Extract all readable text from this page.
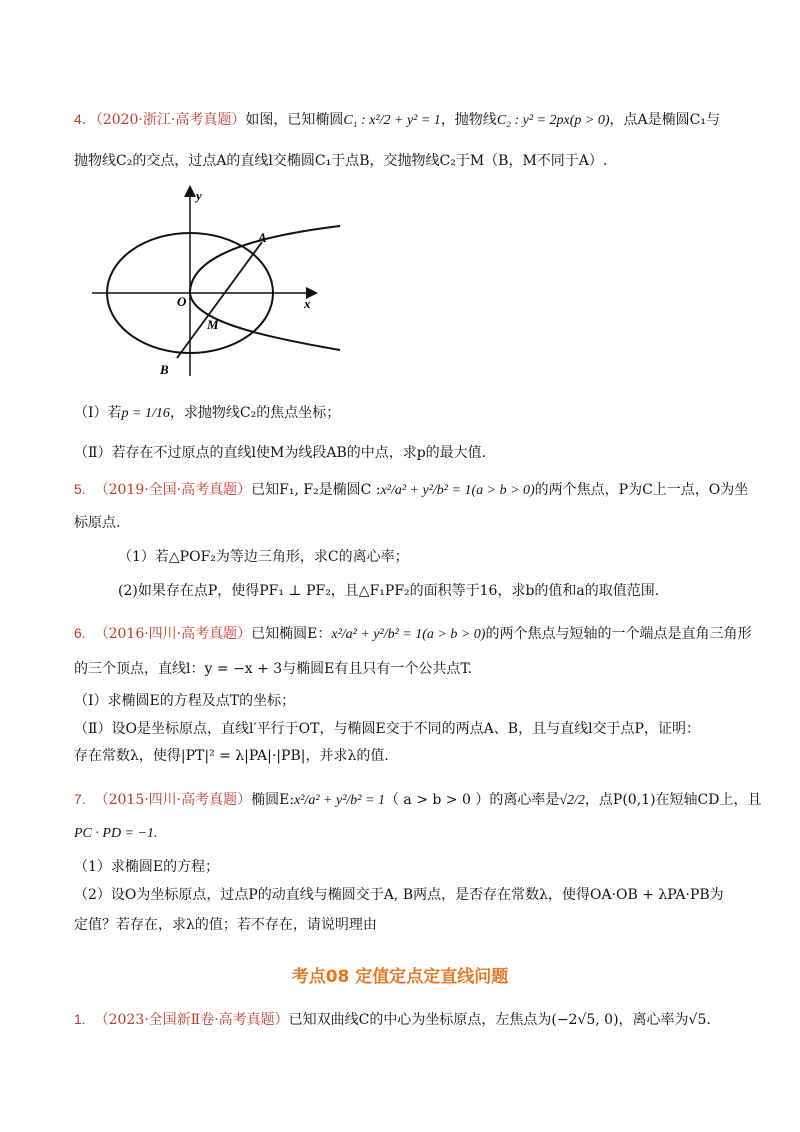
4．（2020·浙江·高考真题）如图，已知椭圆C₁ : x²/2 + y² = 1，抛物线C₂ : y² = 2px(p > 0)，点A是椭圆C₁与
抛物线C₂的交点，过点A的直线l交椭圆C₁于点B，交抛物线C₂于M（B，M不同于A）.
y
x
O
A
B
M
（Ⅰ）若p = 1/16，求抛物线C₂的焦点坐标；
（Ⅱ）若存在不过原点的直线l使M为线段AB的中点，求p的最大值.
5. （2019·全国·高考真题）已知F₁, F₂是椭圆C :x²/a² + y²/b² = 1(a > b > 0)的两个焦点，P为C上一点，O为坐
标原点.
（1）若△POF₂为等边三角形，求C的离心率；
(2)如果存在点P，使得PF₁ ⊥ PF₂，且△F₁PF₂的面积等于16，求b的值和a的取值范围.
6. （2016·四川·高考真题）已知椭圆E：x²/a² + y²/b² = 1(a > b > 0)的两个焦点与短轴的一个端点是直角三角形
的三个顶点，直线l：y = −x + 3与椭圆E有且只有一个公共点T.
（Ⅰ）求椭圆E的方程及点T的坐标；
（Ⅱ）设O是坐标原点，直线l′平行于OT，与椭圆E交于不同的两点A、B，且与直线l交于点P，证明：
存在常数λ，使得|PT|² = λ|PA|·|PB|，并求λ的值.
7. （2015·四川·高考真题）椭圆E:x²/a² + y²/b² = 1（ a > b > 0 ）的离心率是√2/2，点P(0,1)在短轴CD上，且
PC · PD = −1.
（1）求椭圆E的方程；
（2）设O为坐标原点，过点P的动直线与椭圆交于A, B两点，是否存在常数λ，使得OA·OB + λPA·PB为
定值？若存在，求λ的值；若不存在，请说明理由
考点08 定值定点定直线问题
1. （2023·全国新Ⅱ卷·高考真题）已知双曲线C的中心为坐标原点，左焦点为(−2√5, 0)，离心率为√5.
